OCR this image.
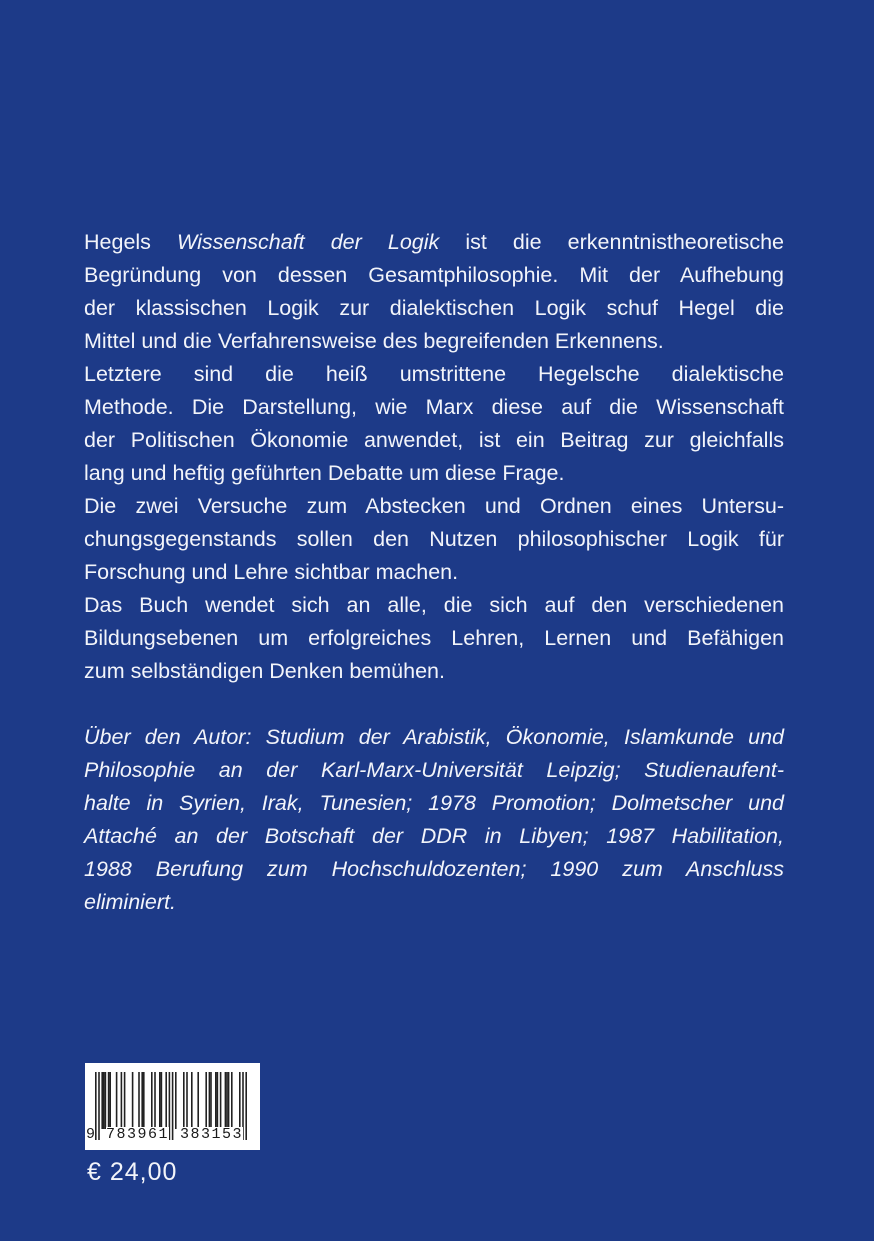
Hegels Wissenschaft der Logik ist die erkenntnistheoretische
Begründung von dessen Gesamtphilosophie. Mit der Aufhebung
der klassischen Logik zur dialektischen Logik schuf Hegel die
Mittel und die Verfahrensweise des begreifenden Erkennens.
Letztere sind die heiß umstrittene Hegelsche dialektische
Methode. Die Darstellung, wie Marx diese auf die Wissenschaft
der Politischen Ökonomie anwendet, ist ein Beitrag zur gleichfalls
lang und heftig geführten Debatte um diese Frage.
Die zwei Versuche zum Abstecken und Ordnen eines Untersu-
chungsgegenstands sollen den Nutzen philosophischer Logik für
Forschung und Lehre sichtbar machen.
Das Buch wendet sich an alle, die sich auf den verschiedenen
Bildungsebenen um erfolgreiches Lehren, Lernen und Befähigen
zum selbständigen Denken bemühen.
Über den Autor: Studium der Arabistik, Ökonomie, Islamkunde und
Philosophie an der Karl-Marx-Universität Leipzig; Studienaufent-
halte in Syrien, Irak, Tunesien; 1978 Promotion; Dolmetscher und
Attaché an der Botschaft der DDR in Libyen; 1987 Habilitation,
1988 Berufung zum Hochschuldozenten; 1990 zum Anschluss
eliminiert.
9 783961 383153
€ 24,00
